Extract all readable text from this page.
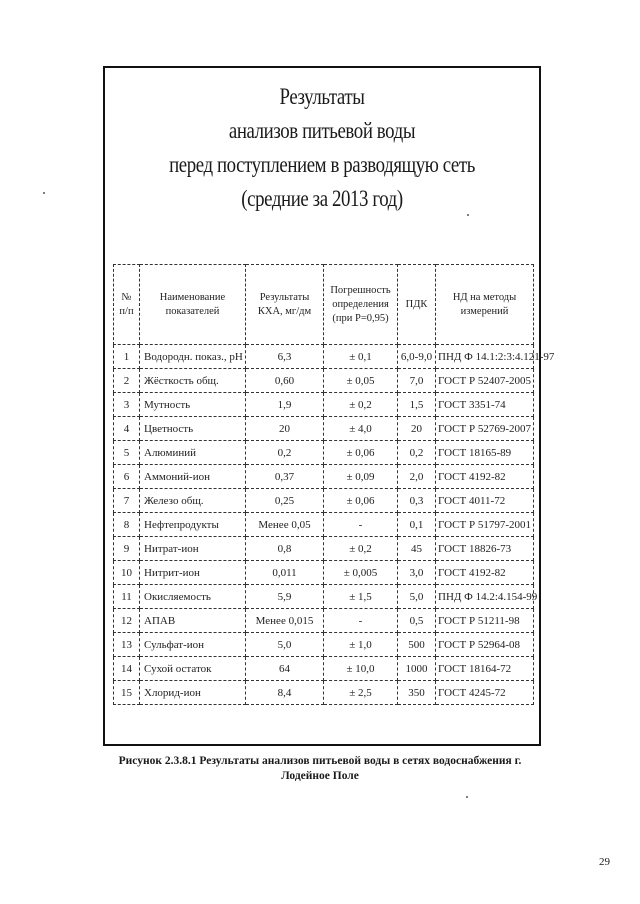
Результаты
анализов питьевой воды
перед поступлением в разводящую сеть
(средние за 2013 год)
№ п/п	Наименование показателей	Результаты КХА, мг/дм	Погрешность определения (при Р=0,95)	ПДК	НД на методы измерений
1	Водородн. показ., рН	6,3	± 0,1	6,0-9,0	ПНД Ф 14.1:2:3:4.121-97
2	Жёсткость общ.	0,60	± 0,05	7,0	ГОСТ Р 52407-2005
3	Мутность	1,9	± 0,2	1,5	ГОСТ 3351-74
4	Цветность	20	± 4,0	20	ГОСТ Р 52769-2007
5	Алюминий	0,2	± 0,06	0,2	ГОСТ 18165-89
6	Аммоний-ион	0,37	± 0,09	2,0	ГОСТ 4192-82
7	Железо общ.	0,25	± 0,06	0,3	ГОСТ 4011-72
8	Нефтепродукты	Менее 0,05	-	0,1	ГОСТ Р 51797-2001
9	Нитрат-ион	0,8	± 0,2	45	ГОСТ 18826-73
10	Нитрит-ион	0,011	± 0,005	3,0	ГОСТ 4192-82
11	Окисляемость	5,9	± 1,5	5,0	ПНД Ф 14.2:4.154-99
12	АПАВ	Менее 0,015	-	0,5	ГОСТ Р 51211-98
13	Сульфат-ион	5,0	± 1,0	500	ГОСТ Р 52964-08
14	Сухой остаток	64	± 10,0	1000	ГОСТ 18164-72
15	Хлорид-ион	8,4	± 2,5	350	ГОСТ 4245-72
Рисунок 2.3.8.1 Результаты анализов питьевой воды в сетях водоснабжения г.
Лодейное Поле
29
